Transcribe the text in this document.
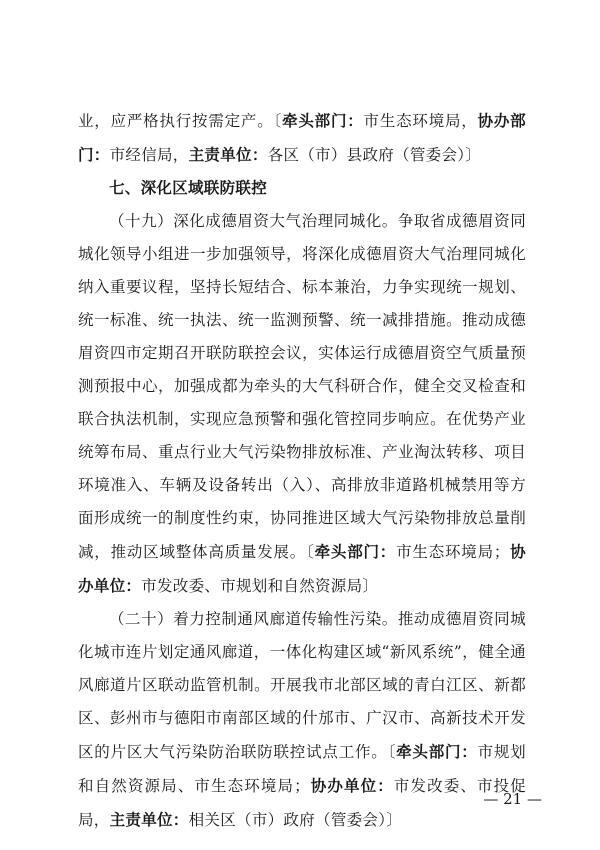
业，应严格执行按需定产。〔牵头部门：市生态环境局，协办部门：市经信局，主责单位：各区（市）县政府（管委会）〕

七、深化区域联防联控

（十九）深化成德眉资大气治理同城化。争取省成德眉资同城化领导小组进一步加强领导，将深化成德眉资大气治理同城化纳入重要议程，坚持长短结合、标本兼治，力争实现统一规划、统一标准、统一执法、统一监测预警、统一减排措施。推动成德眉资四市定期召开联防联控会议，实体运行成德眉资空气质量预测预报中心，加强成都为牵头的大气科研合作，健全交叉检查和联合执法机制，实现应急预警和强化管控同步响应。在优势产业统筹布局、重点行业大气污染物排放标准、产业淘汰转移、项目环境准入、车辆及设备转出（入）、高排放非道路机械禁用等方面形成统一的制度性约束，协同推进区域大气污染物排放总量削减，推动区域整体高质量发展。〔牵头部门：市生态环境局；协办单位：市发改委、市规划和自然资源局〕

（二十）着力控制通风廊道传输性污染。推动成德眉资同城化城市连片划定通风廊道，一体化构建区域“新风系统”，健全通风廊道片区联动监管机制。开展我市北部区域的青白江区、新都区、彭州市与德阳市南部区域的什邡市、广汉市、高新技术开发区的片区大气污染防治联防联控试点工作。〔牵头部门：市规划和自然资源局、市生态环境局；协办单位：市发改委、市投促局，主责单位：相关区（市）政府（管委会）〕

— 21 —
